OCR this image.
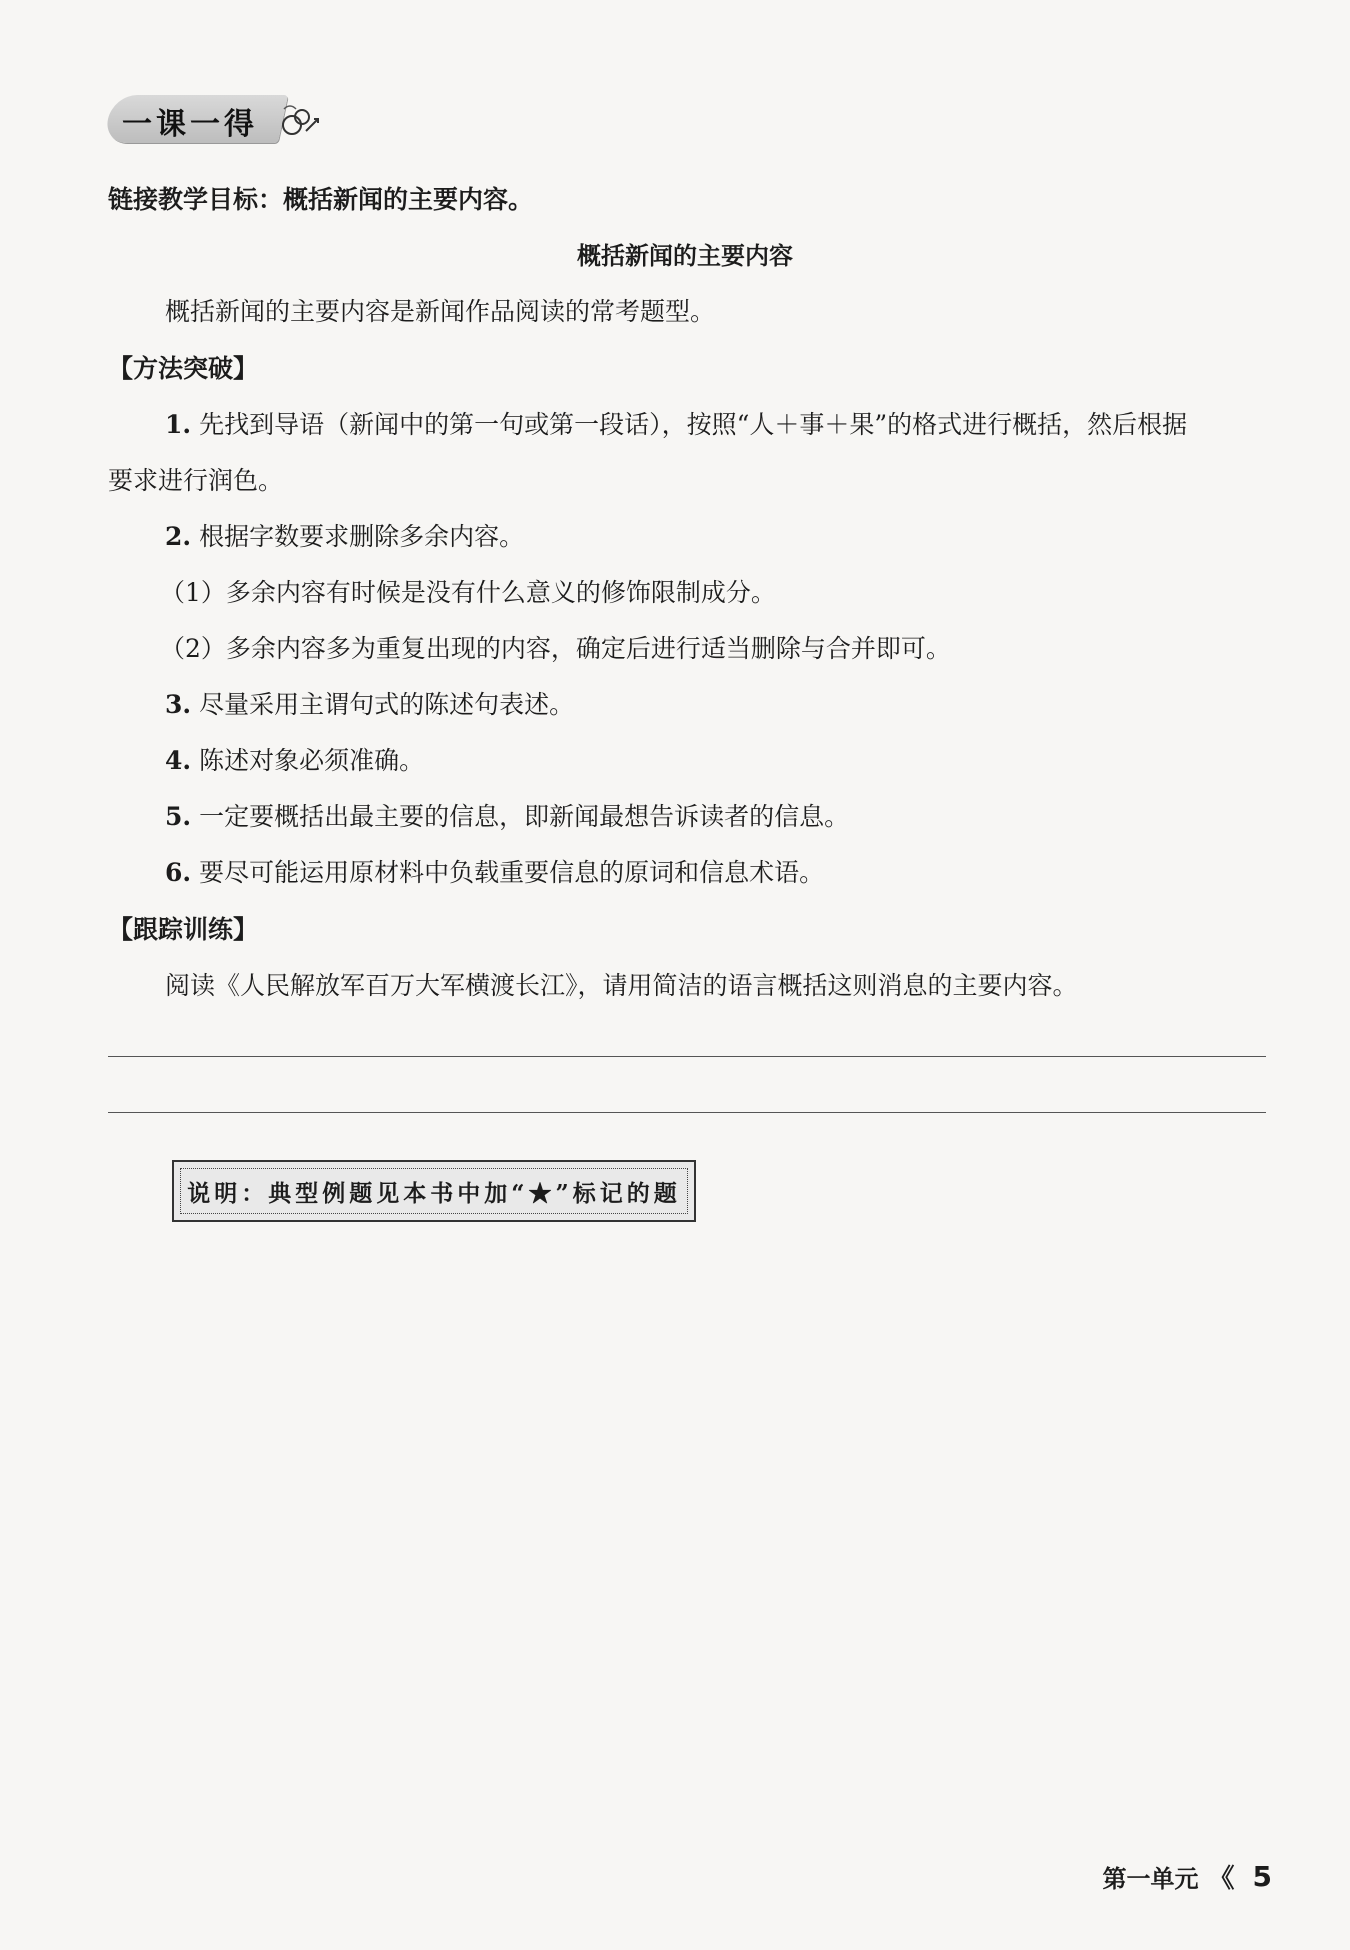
一课一得
链接教学目标：概括新闻的主要内容。
概括新闻的主要内容
概括新闻的主要内容是新闻作品阅读的常考题型。
【方法突破】
1. 先找到导语（新闻中的第一句或第一段话），按照“人＋事＋果”的格式进行概括，然后根据
要求进行润色。
2. 根据字数要求删除多余内容。
（1）多余内容有时候是没有什么意义的修饰限制成分。
（2）多余内容多为重复出现的内容，确定后进行适当删除与合并即可。
3. 尽量采用主谓句式的陈述句表述。
4. 陈述对象必须准确。
5. 一定要概括出最主要的信息，即新闻最想告诉读者的信息。
6. 要尽可能运用原材料中负载重要信息的原词和信息术语。
【跟踪训练】
阅读《人民解放军百万大军横渡长江》，请用简洁的语言概括这则消息的主要内容。
说明：典型例题见本书中加“★”标记的题
第一单元 《 5
